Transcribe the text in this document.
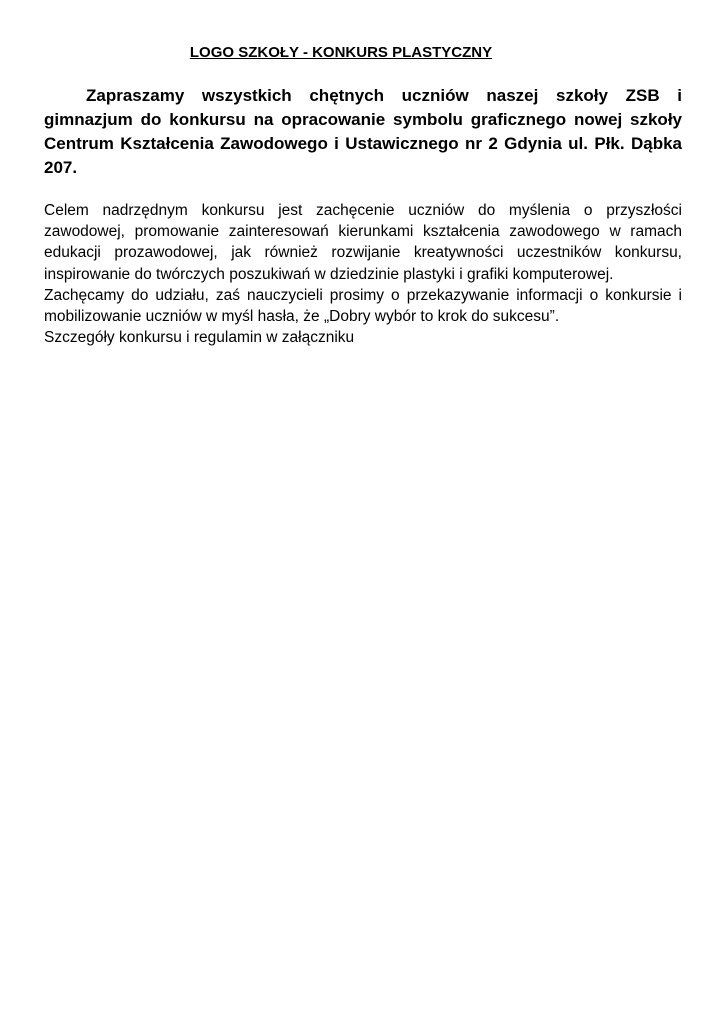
LOGO SZKOŁY - KONKURS PLASTYCZNY

Zapraszamy wszystkich chętnych uczniów naszej szkoły ZSB i gimnazjum do konkursu na opracowanie symbolu graficznego nowej szkoły Centrum Kształcenia Zawodowego i Ustawicznego nr 2 Gdynia ul. Płk. Dąbka 207.

Celem nadrzędnym konkursu jest zachęcenie uczniów do myślenia o przyszłości zawodowej, promowanie zainteresowań kierunkami kształcenia zawodowego w ramach edukacji prozawodowej, jak również rozwijanie kreatywności uczestników konkursu, inspirowanie do twórczych poszukiwań w dziedzinie plastyki i grafiki komputerowej.

Zachęcamy do udziału, zaś nauczycieli prosimy o przekazywanie informacji o konkursie i mobilizowanie uczniów w myśl hasła, że „Dobry wybór to krok do sukcesu”.

Szczegóły konkursu i regulamin w załączniku
